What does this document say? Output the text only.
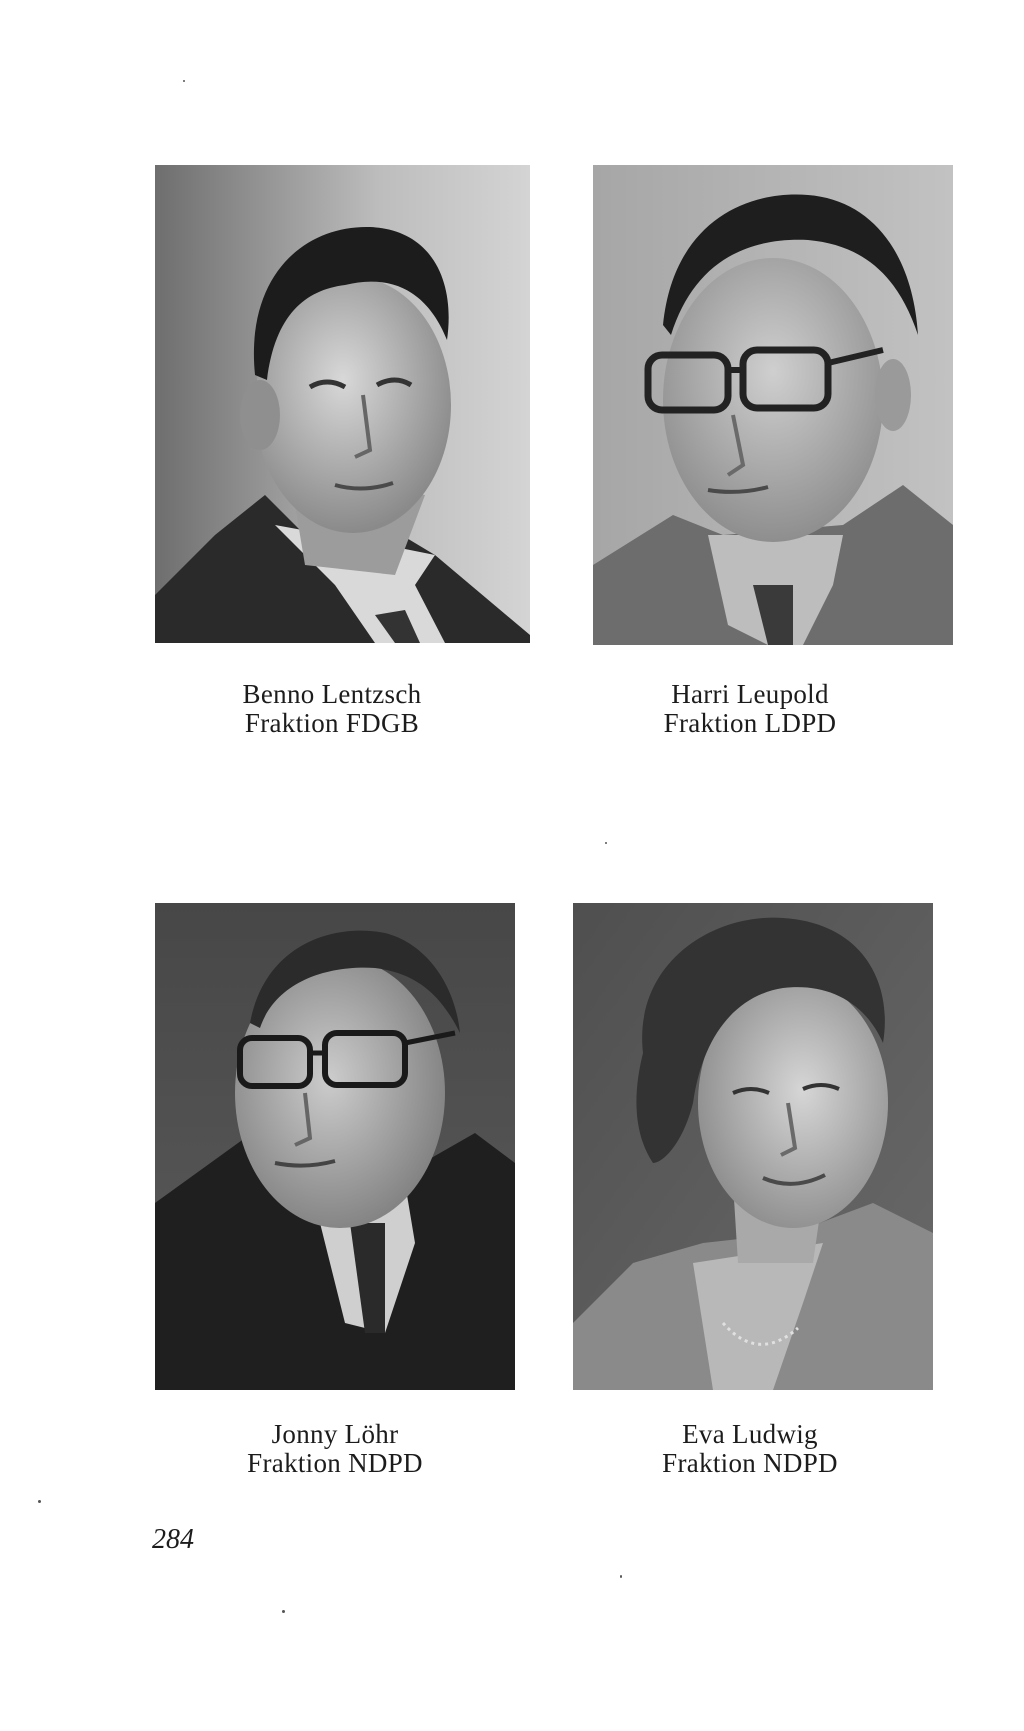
Benno Lentzsch
Fraktion FDGB
Harri Leupold
Fraktion LDPD
Jonny Löhr
Fraktion NDPD
Eva Ludwig
Fraktion NDPD
284
